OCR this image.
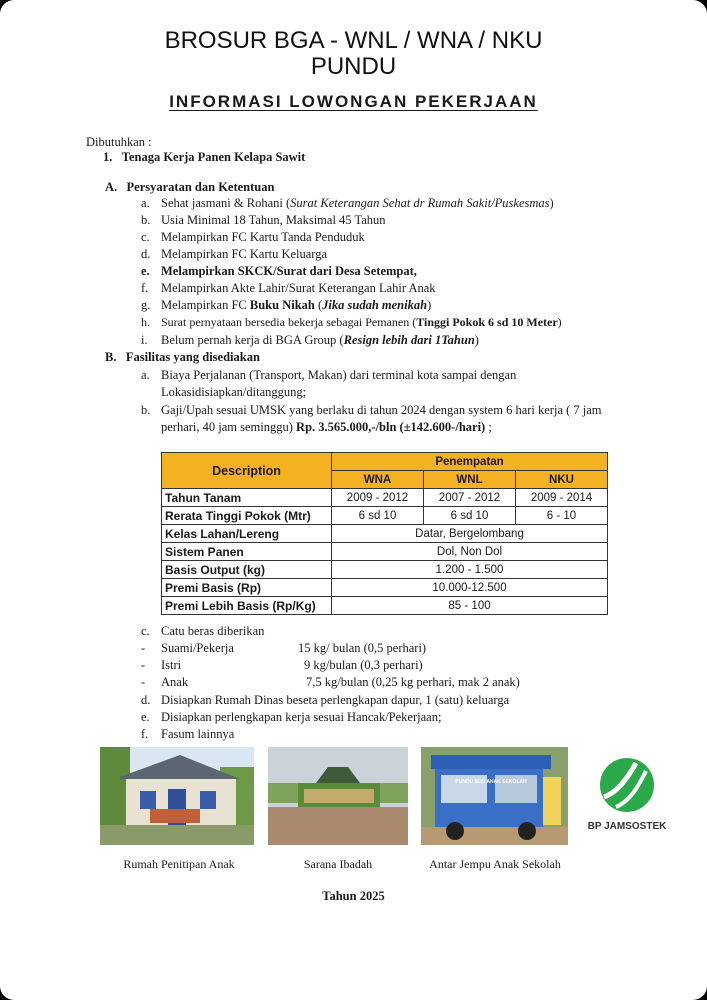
BROSUR BGA - WNL / WNA / NKU
PUNDU
INFORMASI LOWONGAN PEKERJAAN
Dibutuhkan :
1. Tenaga Kerja Panen Kelapa Sawit
A. Persyaratan dan Ketentuan
a. Sehat jasmani & Rohani (Surat Keterangan Sehat dr Rumah Sakit/Puskesmas)
b. Usia Minimal 18 Tahun, Maksimal 45 Tahun
c. Melampirkan FC Kartu Tanda Penduduk
d. Melampirkan FC Kartu Keluarga
e. Melampirkan SKCK/Surat dari Desa Setempat,
f. Melampirkan Akte Lahir/Surat Keterangan Lahir Anak
g. Melampirkan FC Buku Nikah (Jika sudah menikah)
h. Surat pernyataan bersedia bekerja sebagai Pemanen (Tinggi Pokok 6 sd 10 Meter)
i. Belum pernah kerja di BGA Group (Resign lebih dari 1Tahun)
B. Fasilitas yang disediakan
a. Biaya Perjalanan (Transport, Makan) dari terminal kota sampai dengan
Lokasidisiapkan/ditanggung;
b. Gaji/Upah sesuai UMSK yang berlaku di tahun 2024 dengan system 6 hari kerja ( 7 jam
perhari, 40 jam seminggu) Rp. 3.565.000,-/bln (±142.600-/hari) ;
Description	Penempatan		
	WNA	WNL	NKU
Tahun Tanam	2009 - 2012	2007 - 2012	2009 - 2014
Rerata Tinggi Pokok (Mtr)	6 sd 10	6 sd 10	6 - 10
Kelas Lahan/Lereng	Datar, Bergelombang		
Sistem Panen	Dol, Non Dol		
Basis Output (kg)	1.200 - 1.500		
Premi Basis (Rp)	10.000-12.500		
Premi Lebih Basis (Rp/Kg)	85 - 100		
c. Catu beras diberikan
- Suami/Pekerja	15 kg/ bulan (0,5 perhari)
- Istri	9 kg/bulan (0,3 perhari)
- Anak	7,5 kg/bulan (0,25 kg perhari, mak 2 anak)
d. Disiapkan Rumah Dinas beseta perlengkapan dapur, 1 (satu) keluarga
e. Disiapkan perlengkapan kerja sesuai Hancak/Pekerjaan;
f. Fasum lainnya
PUNDU BUS ANAK SEKOLAH
BP JAMSOSTEK
Rumah Penitipan Anak	Sarana Ibadah	Antar Jempu Anak Sekolah
Tahun 2025
